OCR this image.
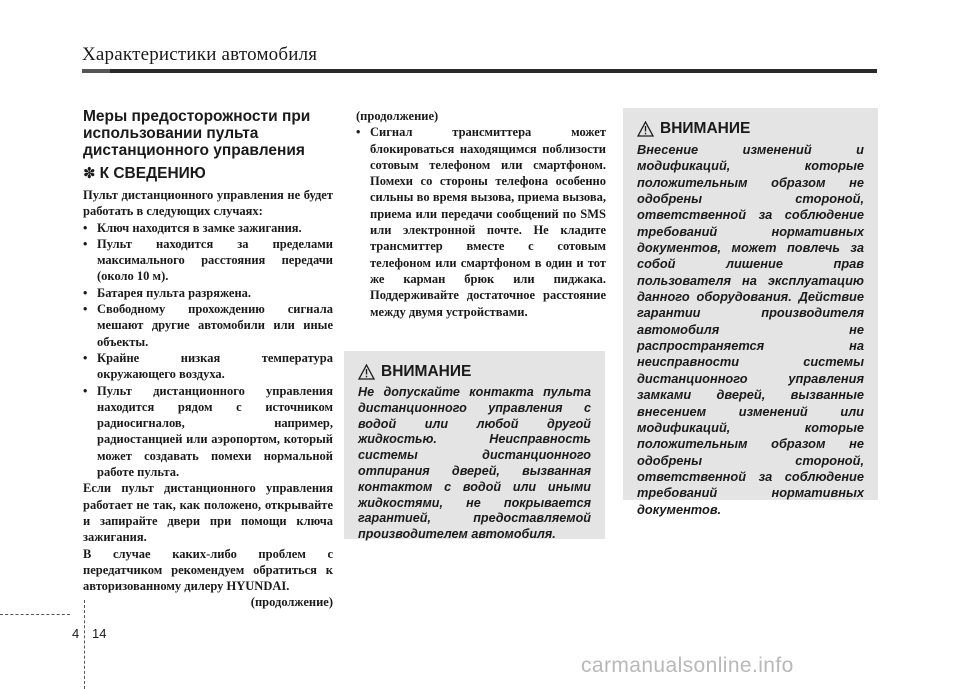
Характеристики автомобиля
Меры предосторожности при использовании пульта дистанционного управления
✽ К СВЕДЕНИЮ

Пульт дистанционного управления не будет работать в следующих случаях:

• Ключ находится в замке зажигания.
• Пульт находится за пределами максимального расстояния передачи (около 10 м).
• Батарея пульта разряжена.
• Свободному прохождению сигнала мешают другие автомобили или иные объекты.
• Крайне низкая температура окружающего воздуха.
• Пульт дистанционного управления находится рядом с источником радиосигналов, например, радиостанцией или аэропортом, который может создавать помехи нормальной работе пульта.

Если пульт дистанционного управления работает не так, как положено, открывайте и запирайте двери при помощи ключа зажигания.

В случае каких-либо проблем с передатчиком рекомендуем обратиться к авторизованному дилеру HYUNDAI.

(продолжение)
(продолжение)
• Сигнал трансмиттера может блокироваться находящимся поблизости сотовым телефоном или смартфоном. Помехи со стороны телефона особенно сильны во время вызова, приема вызова, приема или передачи сообщений по SMS или электронной почте. Не кладите трансмиттер вместе с сотовым телефоном или смартфоном в один и тот же карман брюк или пиджака. Поддерживайте достаточное расстояние между двумя устройствами.
ВНИМАНИЕ
Не допускайте контакта пульта дистанционного управления с водой или любой другой жидкостью. Неисправность системы дистанционного отпирания дверей, вызванная контактом с водой или иными жидкостями, не покрывается гарантией, предоставляемой производителем автомобиля.
ВНИМАНИЕ
Внесение изменений и модификаций, которые положительным образом не одобрены стороной, ответственной за соблюдение требований нормативных документов, может повлечь за собой лишение прав пользователя на эксплуатацию данного оборудования. Действие гарантии производителя автомобиля не распространяется на неисправности системы дистанционного управления замками дверей, вызванные внесением изменений или модификаций, которые положительным образом не одобрены стороной, ответственной за соблюдение требований нормативных документов.
4 14
carmanualsonline.info
